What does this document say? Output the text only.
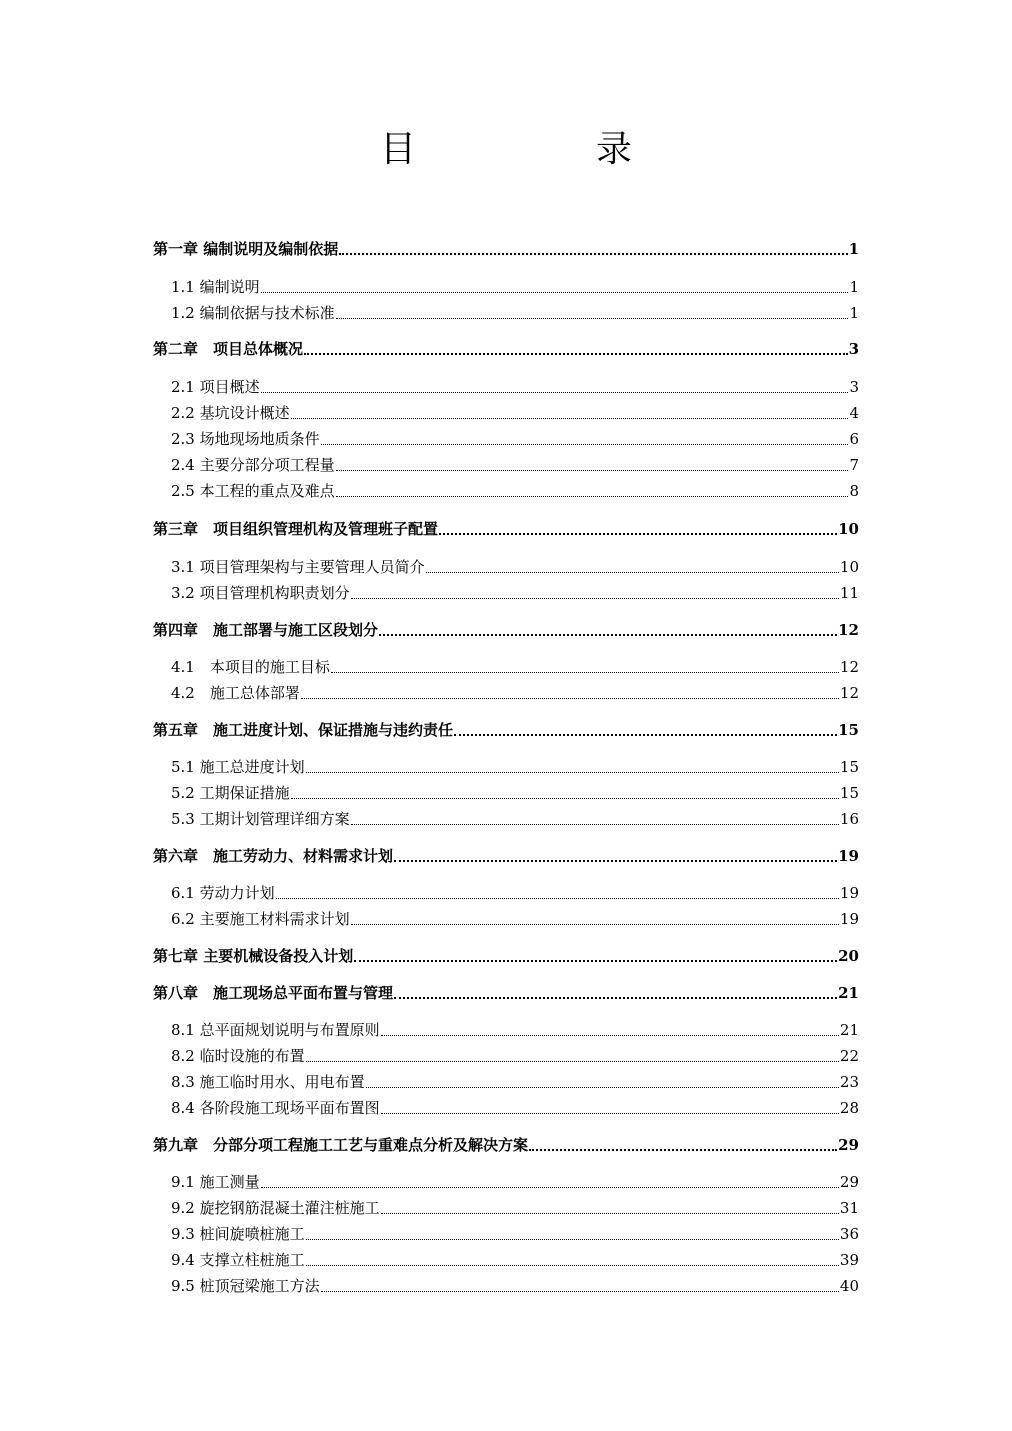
目　录
第一章 编制说明及编制依据	1
1.1 编制说明	1
1.2 编制依据与技术标准	1
第二章　项目总体概况	3
2.1 项目概述	3
2.2 基坑设计概述	4
2.3 场地现场地质条件	6
2.4 主要分部分项工程量	7
2.5 本工程的重点及难点	8
第三章　项目组织管理机构及管理班子配置	10
3.1 项目管理架构与主要管理人员简介	10
3.2 项目管理机构职责划分	11
第四章　施工部署与施工区段划分	12
4.1　本项目的施工目标	12
4.2　施工总体部署	12
第五章　施工进度计划、保证措施与违约责任	15
5.1 施工总进度计划	15
5.2 工期保证措施	15
5.3 工期计划管理详细方案	16
第六章　施工劳动力、材料需求计划	19
6.1 劳动力计划	19
6.2 主要施工材料需求计划	19
第七章 主要机械设备投入计划	20
第八章　施工现场总平面布置与管理	21
8.1 总平面规划说明与布置原则	21
8.2 临时设施的布置	22
8.3 施工临时用水、用电布置	23
8.4 各阶段施工现场平面布置图	28
第九章　分部分项工程施工工艺与重难点分析及解决方案	29
9.1 施工测量	29
9.2 旋挖钢筋混凝土灌注桩施工	31
9.3 桩间旋喷桩施工	36
9.4 支撑立柱桩施工	39
9.5 桩顶冠梁施工方法	40
